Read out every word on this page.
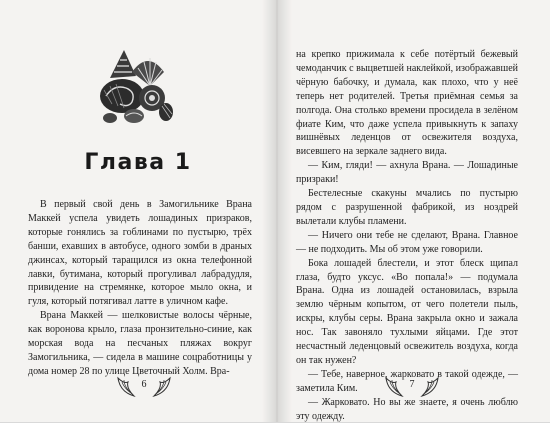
Глава 1

В первый свой день в Замогильнике Врана Маккей успела увидеть лошадиных призраков, которые гонялись за гоблинами по пустырю, трёх банши, ехавших в автобусе, одного зомби в драных джинсах, который таращился из окна телефонной лавки, бутимана, который прогуливал лабрадудля, привидение на стремянке, которое мыло окна, и гуля, который потягивал латте в уличном кафе.

Врана Маккей — шелковистые волосы чёрные, как воронова крыло, глаза пронзительно-синие, как морская вода на песчаных пляжах вокруг Замогильника, — сидела в машине соцработницы у дома номер 28 по улице Цветочный Холм. Вра-

6

на крепко прижимала к себе потёртый бежевый чемоданчик с выцветшей наклейкой, изображавшей чёрную бабочку, и думала, как плохо, что у неё теперь нет родителей. Третья приёмная семья за полгода. Она столько времени просидела в зелёном фиате Ким, что даже успела привыкнуть к запаху вишнёвых леденцов от освежителя воздуха, висевшего на зеркале заднего вида.

— Ким, гляди! — ахнула Врана. — Лошадиные призраки!

Бестелесные скакуны мчались по пустырю рядом с разрушенной фабрикой, из ноздрей вылетали клубы пламени.

— Ничего они тебе не сделают, Врана. Главное — не подходить. Мы об этом уже говорили.

Бока лошадей блестели, и этот блеск щипал глаза, будто уксус. «Во попала!» — подумала Врана. Одна из лошадей остановилась, взрыла землю чёрным копытом, от чего полетели пыль, искры, клубы серы. Врана закрыла окно и зажала нос. Так завоняло тухлыми яйцами. Где этот несчастный леденцовый освежитель воздуха, когда он так нужен?

— Тебе, наверное, жарковато в такой одежде, — заметила Ким.

— Жарковато. Но вы же знаете, я очень люблю эту одежду.

7
